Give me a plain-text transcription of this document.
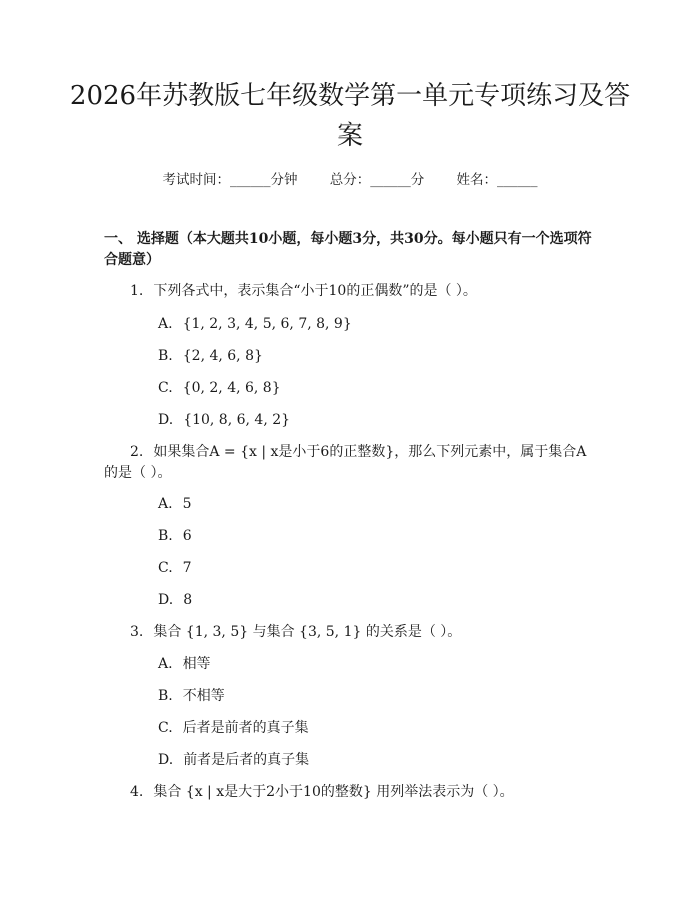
2026年苏教版七年级数学第一单元专项练习及答案
考试时间：______分钟 总分：______分 姓名：______
一、 选择题（本大题共10小题，每小题3分，共30分。每小题只有一个选项符合题意）
1. 下列各式中，表示集合“小于10的正偶数”的是（ ）。
A. {1, 2, 3, 4, 5, 6, 7, 8, 9}
B. {2, 4, 6, 8}
C. {0, 2, 4, 6, 8}
D. {10, 8, 6, 4, 2}
2. 如果集合A = {x | x是小于6的正整数}，那么下列元素中，属于集合A的是（ ）。
A. 5
B. 6
C. 7
D. 8
3. 集合 {1, 3, 5} 与集合 {3, 5, 1} 的关系是（ ）。
A. 相等
B. 不相等
C. 后者是前者的真子集
D. 前者是后者的真子集
4. 集合 {x | x是大于2小于10的整数} 用列举法表示为（ ）。
